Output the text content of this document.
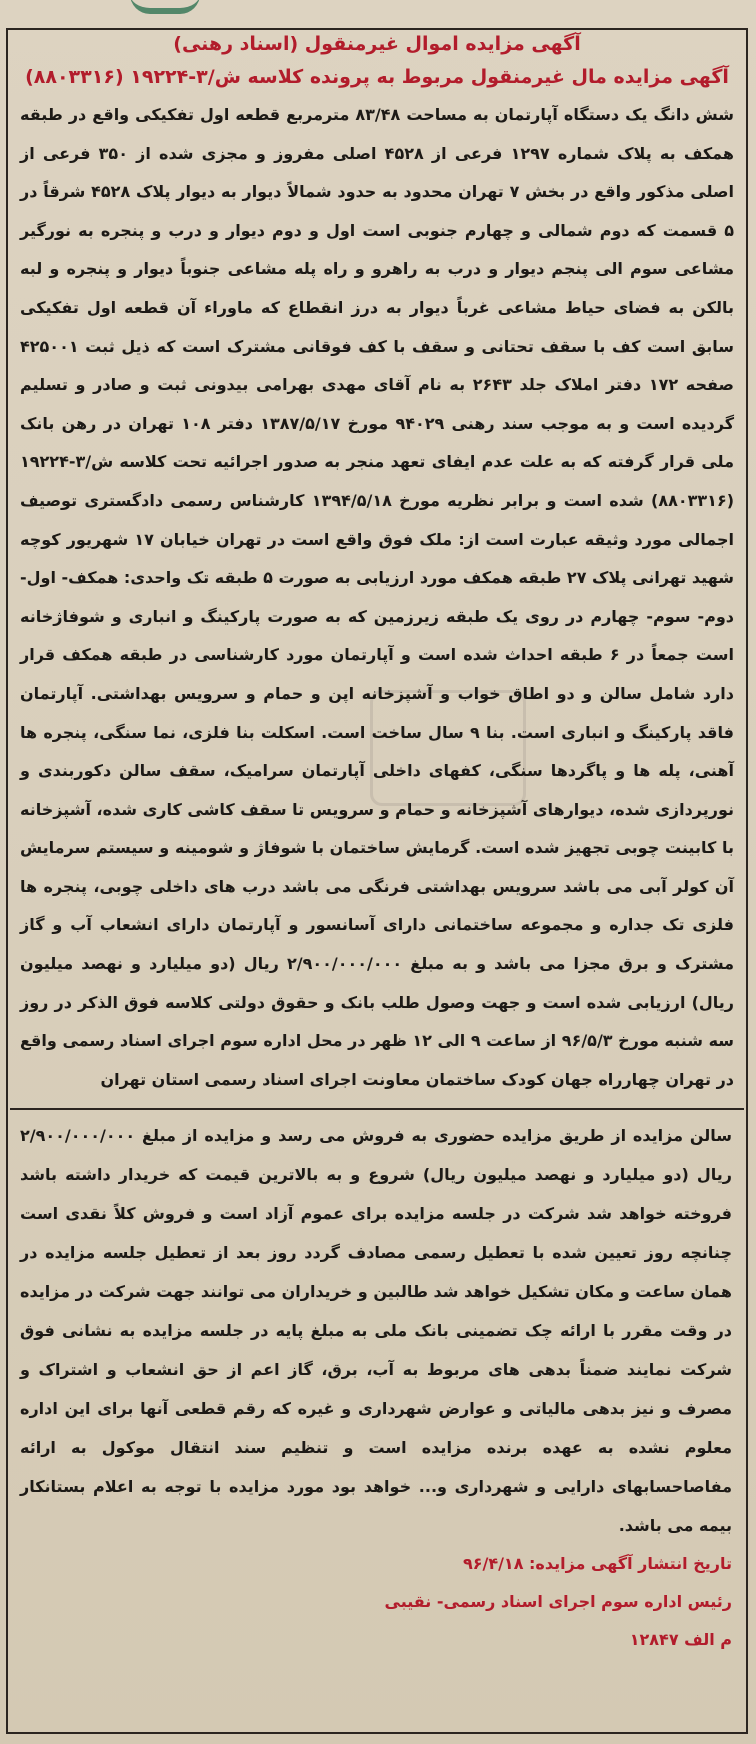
آگهی مزایده اموال غیرمنقول (اسناد رهنی)

آگهی مزایده مال غیرمنقول مربوط به پرونده کلاسه ش/۳-۱۹۲۲۴ (۸۸۰۳۳۱۶)

شش دانگ یک دستگاه آپارتمان به مساحت ۸۳/۴۸ مترمربع قطعه اول تفکیکی واقع در طبقه همکف به پلاک شماره ۱۲۹۷ فرعی از ۴۵۲۸ اصلی مفروز و مجزی شده از ۳۵۰ فرعی از اصلی مذکور واقع در بخش ۷ تهران محدود به حدود شمالاً دیوار به دیوار پلاک ۴۵۲۸ شرقاً در ۵ قسمت که دوم شمالی و چهارم جنوبی است اول و دوم دیوار و درب و پنجره به نورگیر مشاعی سوم الی پنجم دیوار و درب به راهرو و راه پله مشاعی جنوباً دیوار و پنجره و لبه بالکن به فضای حیاط مشاعی غرباً دیوار به درز انقطاع که ماوراء آن قطعه اول تفکیکی سابق است کف با سقف تحتانی و سقف با کف فوقانی مشترک است که ذیل ثبت ۴۲۵۰۰۱ صفحه ۱۷۲ دفتر املاک جلد ۲۶۴۳ به نام آقای مهدی بهرامی بیدونی ثبت و صادر و تسلیم گردیده است و به موجب سند رهنی ۹۴۰۲۹ مورخ ۱۳۸۷/۵/۱۷ دفتر ۱۰۸ تهران در رهن بانک ملی قرار گرفته که به علت عدم ایفای تعهد منجر به صدور اجرائیه تحت کلاسه ش/۳-۱۹۲۲۴ (۸۸۰۳۳۱۶) شده است و برابر نظریه مورخ ۱۳۹۴/۵/۱۸ کارشناس رسمی دادگستری توصیف اجمالی مورد وثیقه عبارت است از: ملک فوق واقع است در تهران خیابان ۱۷ شهریور کوچه شهید تهرانی پلاک ۲۷ طبقه همکف مورد ارزیابی به صورت ۵ طبقه تک واحدی: همکف- اول- دوم- سوم- چهارم در روی یک طبقه زیرزمین که به صورت پارکینگ و انباری و شوفاژخانه است جمعاً در ۶ طبقه احداث شده است و آپارتمان مورد کارشناسی در طبقه همکف قرار دارد شامل سالن و دو اطاق خواب و آشپزخانه اپن و حمام و سرویس بهداشتی. آپارتمان فاقد پارکینگ و انباری است. بنا ۹ سال ساخت است. اسکلت بنا فلزی، نما سنگی، پنجره ها آهنی، پله ها و پاگردها سنگی، کفهای داخلی آپارتمان سرامیک، سقف سالن دکوربندی و نورپردازی شده، دیوارهای آشپزخانه و حمام و سرویس تا سقف کاشی کاری شده، آشپزخانه با کابینت چوبی تجهیز شده است. گرمایش ساختمان با شوفاژ و شومینه و سیستم سرمایش آن کولر آبی می باشد سرویس بهداشتی فرنگی می باشد درب های داخلی چوبی، پنجره ها فلزی تک جداره و مجموعه ساختمانی دارای آسانسور و آپارتمان دارای انشعاب آب و گاز مشترک و برق مجزا می باشد و به مبلغ ۲/۹۰۰/۰۰۰/۰۰۰ ریال (دو میلیارد و نهصد میلیون ریال) ارزیابی شده است و جهت وصول طلب بانک و حقوق دولتی کلاسه فوق الذکر در روز سه شنبه مورخ ۹۶/۵/۳ از ساعت ۹ الی ۱۲ ظهر در محل اداره سوم اجرای اسناد رسمی واقع در تهران چهارراه جهان کودک ساختمان معاونت اجرای اسناد رسمی استان تهران

سالن مزایده از طریق مزایده حضوری به فروش می رسد و مزایده از مبلغ ۲/۹۰۰/۰۰۰/۰۰۰ ریال (دو میلیارد و نهصد میلیون ریال) شروع و به بالاترین قیمت که خریدار داشته باشد فروخته خواهد شد شرکت در جلسه مزایده برای عموم آزاد است و فروش کلاً نقدی است چنانچه روز تعیین شده با تعطیل رسمی مصادف گردد روز بعد از تعطیل جلسه مزایده در همان ساعت و مکان تشکیل خواهد شد طالبین و خریداران می توانند جهت شرکت در مزایده در وقت مقرر با ارائه چک تضمینی بانک ملی به مبلغ پایه در جلسه مزایده به نشانی فوق شرکت نمایند ضمناً بدهی های مربوط به آب، برق، گاز اعم از حق انشعاب و اشتراک و مصرف و نیز بدهی مالیاتی و عوارض شهرداری و غیره که رقم قطعی آنها برای این اداره معلوم نشده به عهده برنده مزایده است و تنظیم سند انتقال موکول به ارائه مفاصاحسابهای دارایی و شهرداری و... خواهد بود مورد مزایده با توجه به اعلام بستانکار بیمه می باشد.

تاریخ انتشار آگهی مزایده: ۹۶/۴/۱۸

رئیس اداره سوم اجرای اسناد رسمی- نقیبی

م الف ۱۲۸۴۷
